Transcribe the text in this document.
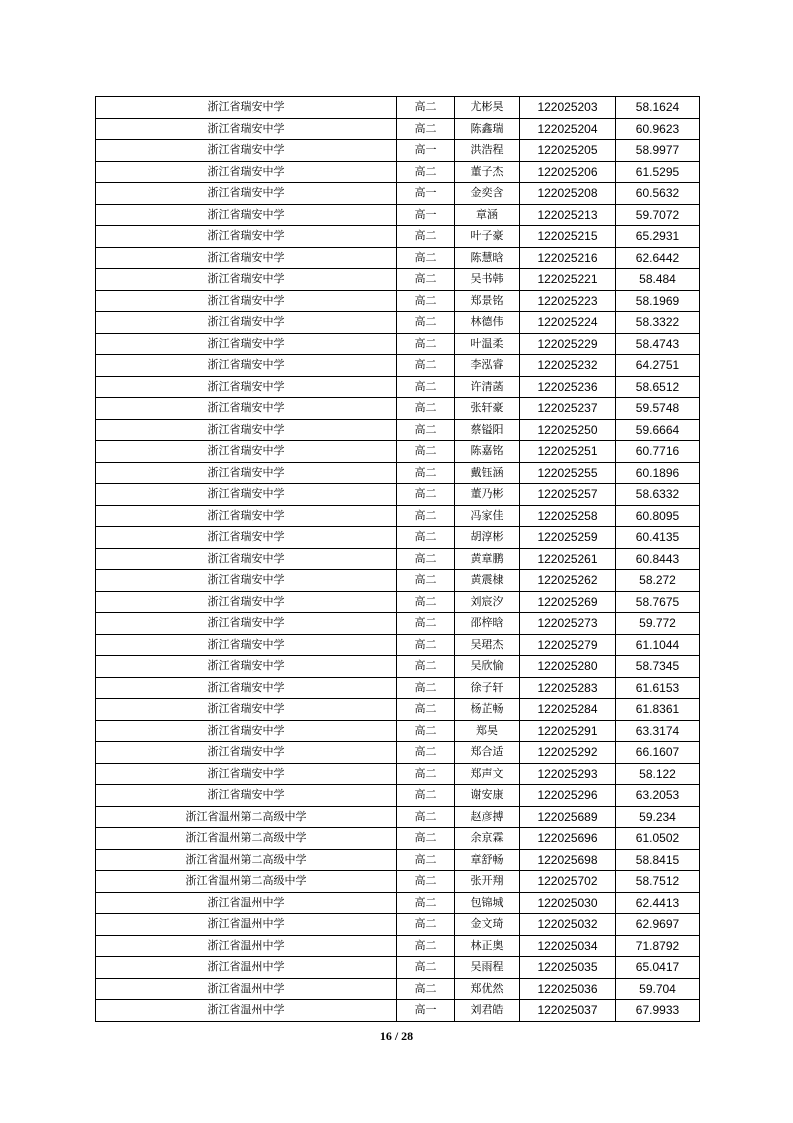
浙江省瑞安中学	高二	尤彬昊	122025203	58.1624
浙江省瑞安中学	高二	陈鑫瑞	122025204	60.9623
浙江省瑞安中学	高一	洪浩程	122025205	58.9977
浙江省瑞安中学	高二	董子杰	122025206	61.5295
浙江省瑞安中学	高一	金奕含	122025208	60.5632
浙江省瑞安中学	高一	章涵	122025213	59.7072
浙江省瑞安中学	高二	叶子豪	122025215	65.2931
浙江省瑞安中学	高二	陈慧晗	122025216	62.6442
浙江省瑞安中学	高二	吴书韩	122025221	58.484
浙江省瑞安中学	高二	郑景铭	122025223	58.1969
浙江省瑞安中学	高二	林德伟	122025224	58.3322
浙江省瑞安中学	高二	叶温柔	122025229	58.4743
浙江省瑞安中学	高二	李泓睿	122025232	64.2751
浙江省瑞安中学	高二	许清菡	122025236	58.6512
浙江省瑞安中学	高二	张轩豪	122025237	59.5748
浙江省瑞安中学	高二	蔡镒阳	122025250	59.6664
浙江省瑞安中学	高二	陈嘉铭	122025251	60.7716
浙江省瑞安中学	高二	戴钰涵	122025255	60.1896
浙江省瑞安中学	高二	董乃彬	122025257	58.6332
浙江省瑞安中学	高二	冯家佳	122025258	60.8095
浙江省瑞安中学	高二	胡淳彬	122025259	60.4135
浙江省瑞安中学	高二	黄章鹏	122025261	60.8443
浙江省瑞安中学	高二	黄震棣	122025262	58.272
浙江省瑞安中学	高二	刘宸汐	122025269	58.7675
浙江省瑞安中学	高二	邵梓晗	122025273	59.772
浙江省瑞安中学	高二	吴珺杰	122025279	61.1044
浙江省瑞安中学	高二	吴欣愉	122025280	58.7345
浙江省瑞安中学	高二	徐子轩	122025283	61.6153
浙江省瑞安中学	高二	杨芷畅	122025284	61.8361
浙江省瑞安中学	高二	郑昊	122025291	63.3174
浙江省瑞安中学	高二	郑合适	122025292	66.1607
浙江省瑞安中学	高二	郑声文	122025293	58.122
浙江省瑞安中学	高二	谢安康	122025296	63.2053
浙江省温州第二高级中学	高二	赵彦搏	122025689	59.234
浙江省温州第二高级中学	高二	余京霖	122025696	61.0502
浙江省温州第二高级中学	高二	章舒畅	122025698	58.8415
浙江省温州第二高级中学	高二	张开翔	122025702	58.7512
浙江省温州中学	高二	包锦城	122025030	62.4413
浙江省温州中学	高二	金文琦	122025032	62.9697
浙江省温州中学	高二	林正奥	122025034	71.8792
浙江省温州中学	高二	吴雨程	122025035	65.0417
浙江省温州中学	高二	郑优然	122025036	59.704
浙江省温州中学	高一	刘君皓	122025037	67.9933
16 / 28
